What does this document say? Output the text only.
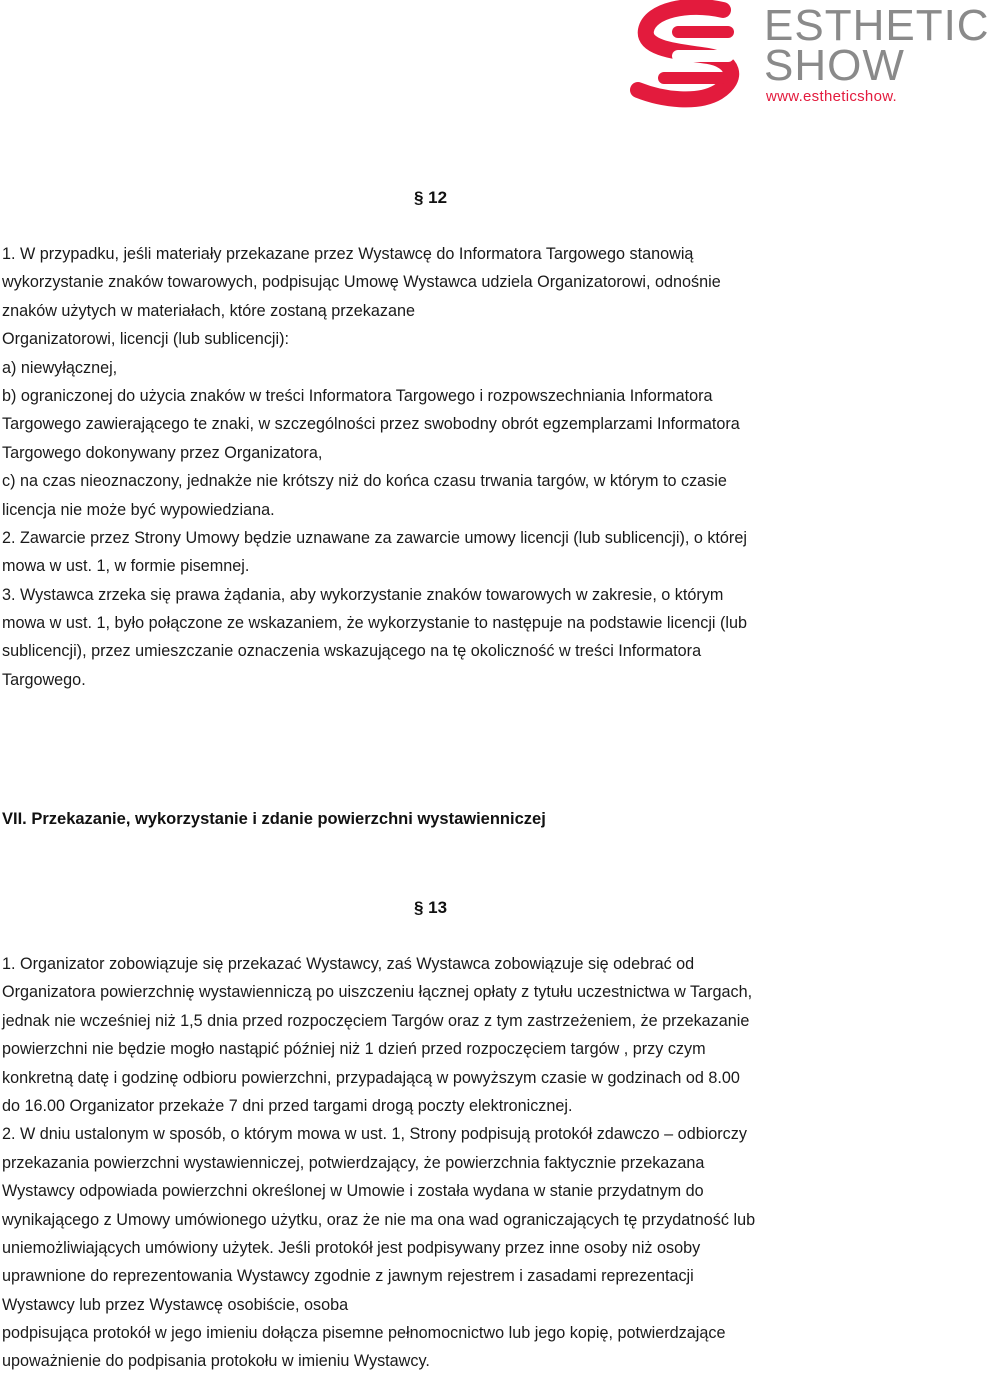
ESTHETIC
SHOW
www.estheticshow.
§ 12
1. W przypadku, jeśli materiały przekazane przez Wystawcę do Informatora Targowego stanowią
wykorzystanie znaków towarowych, podpisując Umowę Wystawca udziela Organizatorowi, odnośnie
znaków użytych w materiałach, które zostaną przekazane
Organizatorowi, licencji (lub sublicencji):
a) niewyłącznej,
b) ograniczonej do użycia znaków w treści Informatora Targowego i rozpowszechniania Informatora
Targowego zawierającego te znaki, w szczególności przez swobodny obrót egzemplarzami Informatora
Targowego dokonywany przez Organizatora,
c) na czas nieoznaczony, jednakże nie krótszy niż do końca czasu trwania targów, w którym to czasie
licencja nie może być wypowiedziana.
2. Zawarcie przez Strony Umowy będzie uznawane za zawarcie umowy licencji (lub sublicencji), o której
mowa w ust. 1, w formie pisemnej.
3. Wystawca zrzeka się prawa żądania, aby wykorzystanie znaków towarowych w zakresie, o którym
mowa w ust. 1, było połączone ze wskazaniem, że wykorzystanie to następuje na podstawie licencji (lub
sublicencji), przez umieszczanie oznaczenia wskazującego na tę okoliczność w treści Informatora
Targowego.
VII. Przekazanie, wykorzystanie i zdanie powierzchni wystawienniczej
§ 13
1. Organizator zobowiązuje się przekazać Wystawcy, zaś Wystawca zobowiązuje się odebrać od
Organizatora powierzchnię wystawienniczą po uiszczeniu łącznej opłaty z tytułu uczestnictwa w Targach,
jednak nie wcześniej niż 1,5 dnia przed rozpoczęciem Targów oraz z tym zastrzeżeniem, że przekazanie
powierzchni nie będzie mogło nastąpić później niż 1 dzień przed rozpoczęciem targów , przy czym
konkretną datę i godzinę odbioru powierzchni, przypadającą w powyższym czasie w godzinach od 8.00
do 16.00 Organizator przekaże 7 dni przed targami drogą poczty elektronicznej.
2. W dniu ustalonym w sposób, o którym mowa w ust. 1, Strony podpisują protokół zdawczo – odbiorczy
przekazania powierzchni wystawienniczej, potwierdzający, że powierzchnia faktycznie przekazana
Wystawcy odpowiada powierzchni określonej w Umowie i została wydana w stanie przydatnym do
wynikającego z Umowy umówionego użytku, oraz że nie ma ona wad ograniczających tę przydatność lub
uniemożliwiających umówiony użytek. Jeśli protokół jest podpisywany przez inne osoby niż osoby
uprawnione do reprezentowania Wystawcy zgodnie z jawnym rejestrem i zasadami reprezentacji
Wystawcy lub przez Wystawcę osobiście, osoba
podpisująca protokół w jego imieniu dołącza pisemne pełnomocnictwo lub jego kopię, potwierdzające
upoważnienie do podpisania protokołu w imieniu Wystawcy.
